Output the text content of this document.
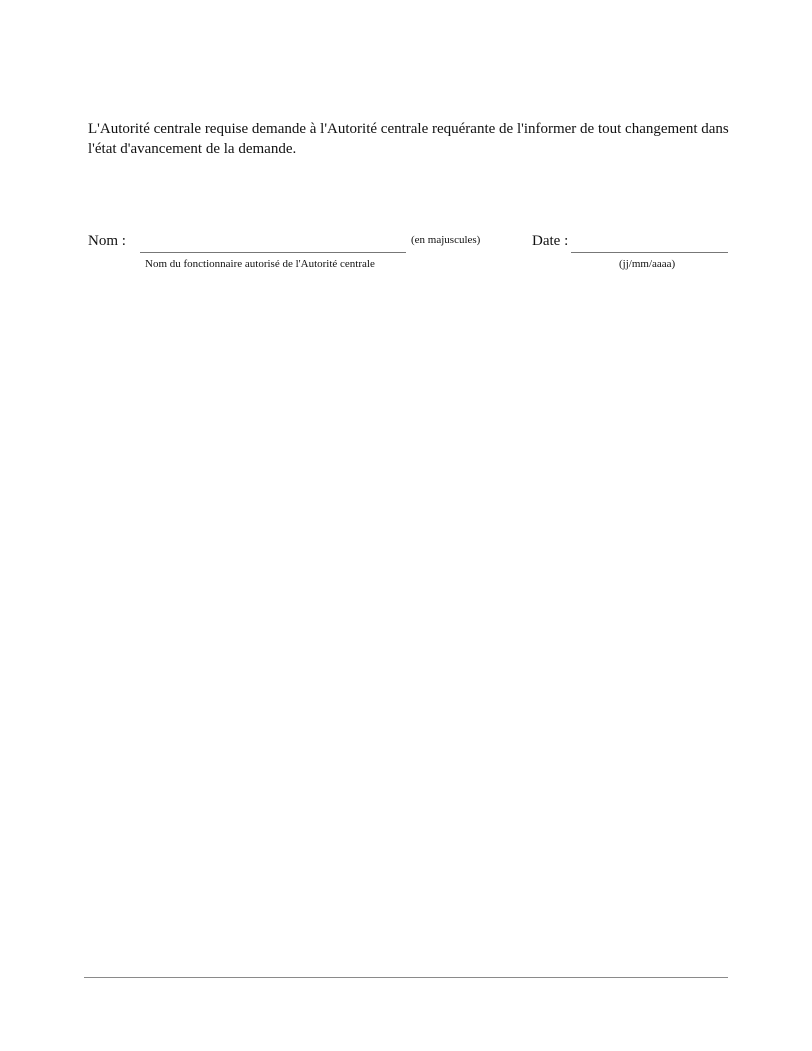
L'Autorité centrale requise demande à l'Autorité centrale requérante de l'informer de tout changement dans l'état d'avancement de la demande.

Nom :
Nom du fonctionnaire autorisé de l'Autorité centrale
(en majuscules)	Date :
(jj/mm/aaaa)
